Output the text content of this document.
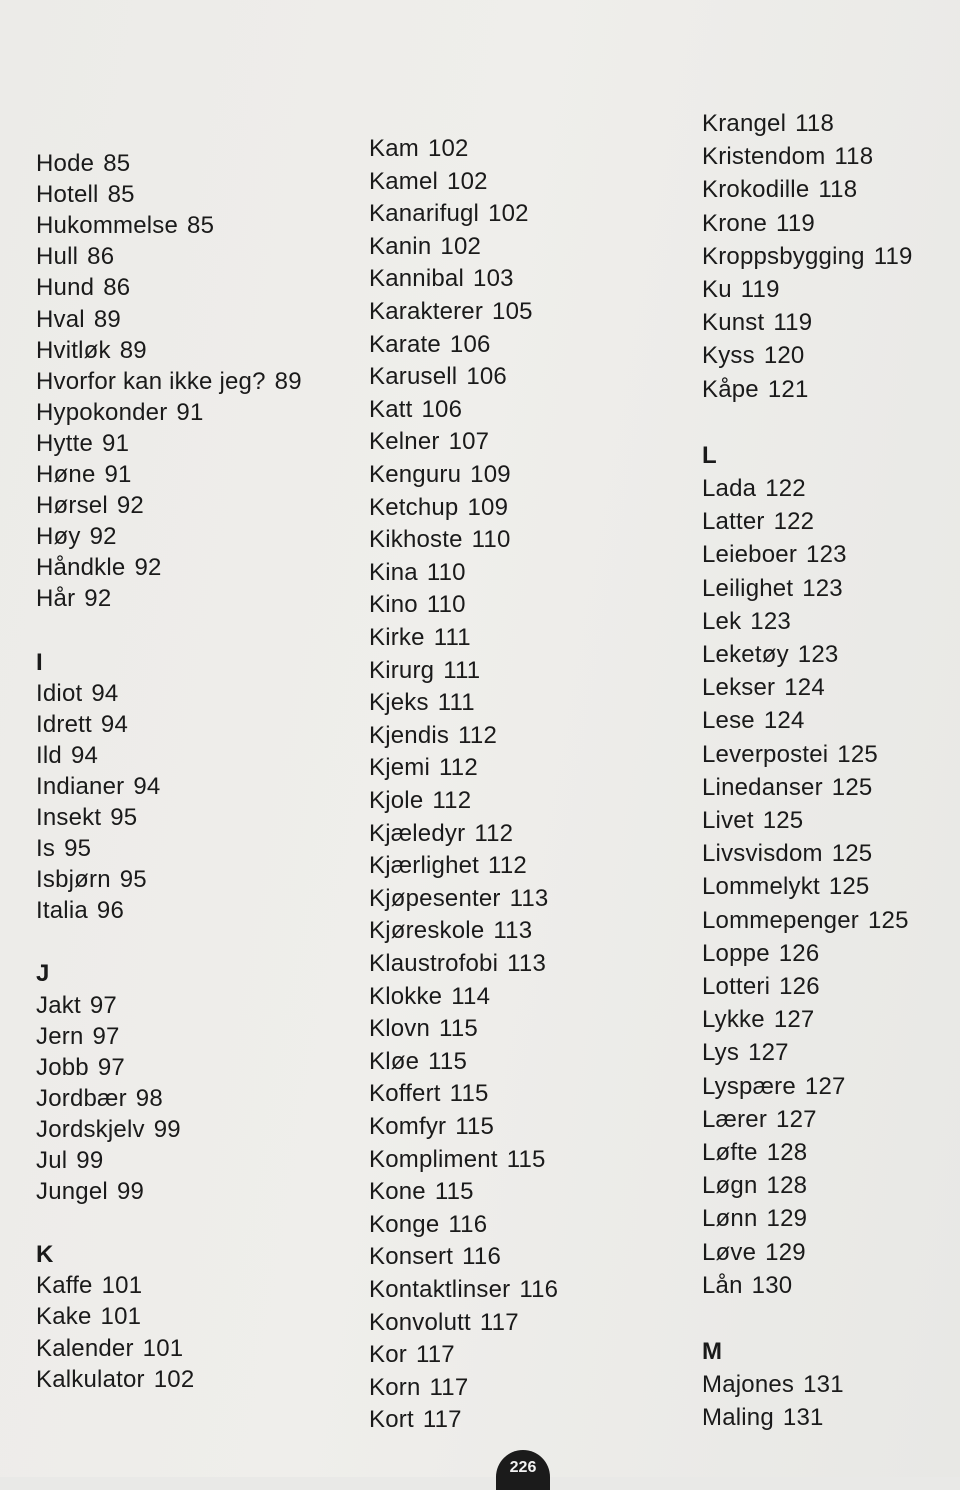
Hode 85
Hotell 85
Hukommelse 85
Hull 86
Hund 86
Hval 89
Hvitløk 89
Hvorfor kan ikke jeg? 89
Hypokonder 91
Hytte 91
Høne 91
Hørsel 92
Høy 92
Håndkle 92
Hår 92
I
Idiot 94
Idrett 94
Ild 94
Indianer 94
Insekt 95
Is 95
Isbjørn 95
Italia 96
J
Jakt 97
Jern 97
Jobb 97
Jordbær 98
Jordskjelv 99
Jul 99
Jungel 99
K
Kaffe 101
Kake 101
Kalender 101
Kalkulator 102
Kam 102
Kamel 102
Kanarifugl 102
Kanin 102
Kannibal 103
Karakterer 105
Karate 106
Karusell 106
Katt 106
Kelner 107
Kenguru 109
Ketchup 109
Kikhoste 110
Kina 110
Kino 110
Kirke 111
Kirurg 111
Kjeks 111
Kjendis 112
Kjemi 112
Kjole 112
Kjæledyr 112
Kjærlighet 112
Kjøpesenter 113
Kjøreskole 113
Klaustrofobi 113
Klokke 114
Klovn 115
Kløe 115
Koffert 115
Komfyr 115
Kompliment 115
Kone 115
Konge 116
Konsert 116
Kontaktlinser 116
Konvolutt 117
Kor 117
Korn 117
Kort 117
Krangel 118
Kristendom 118
Krokodille 118
Krone 119
Kroppsbygging 119
Ku 119
Kunst 119
Kyss 120
Kåpe 121
L
Lada 122
Latter 122
Leieboer 123
Leilighet 123
Lek 123
Leketøy 123
Lekser 124
Lese 124
Leverpostei 125
Linedanser 125
Livet 125
Livsvisdom 125
Lommelykt 125
Lommepenger 125
Loppe 126
Lotteri 126
Lykke 127
Lys 127
Lyspære 127
Lærer 127
Løfte 128
Løgn 128
Lønn 129
Løve 129
Lån 130
M
Majones 131
Maling 131
226
